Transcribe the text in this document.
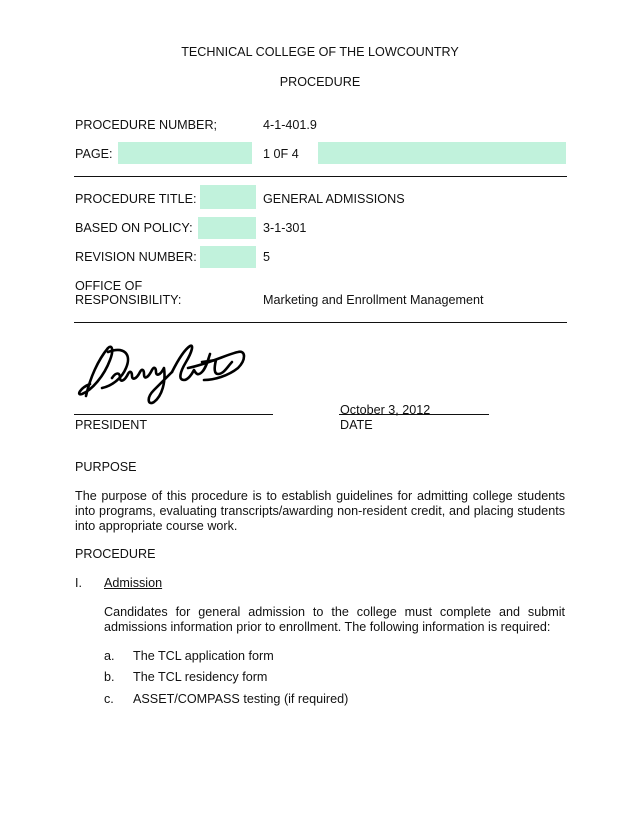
TECHNICAL COLLEGE OF THE LOWCOUNTRY
PROCEDURE
PROCEDURE NUMBER;	4-1-401.9
PAGE:	1 0F 4
PROCEDURE TITLE:	GENERAL ADMISSIONS
BASED ON POLICY:	3-1-301
REVISION NUMBER:	5
OFFICE OF
RESPONSIBILITY:	Marketing and Enrollment Management
PRESIDENT
October 3, 2012
DATE
PURPOSE
The purpose of this procedure is to establish guidelines for admitting college students into programs, evaluating transcripts/awarding non-resident credit, and placing students into appropriate course work.
PROCEDURE
I. Admission
Candidates for general admission to the college must complete and submit admissions information prior to enrollment. The following information is required:
a. The TCL application form
b. The TCL residency form
c. ASSET/COMPASS testing (if required)
